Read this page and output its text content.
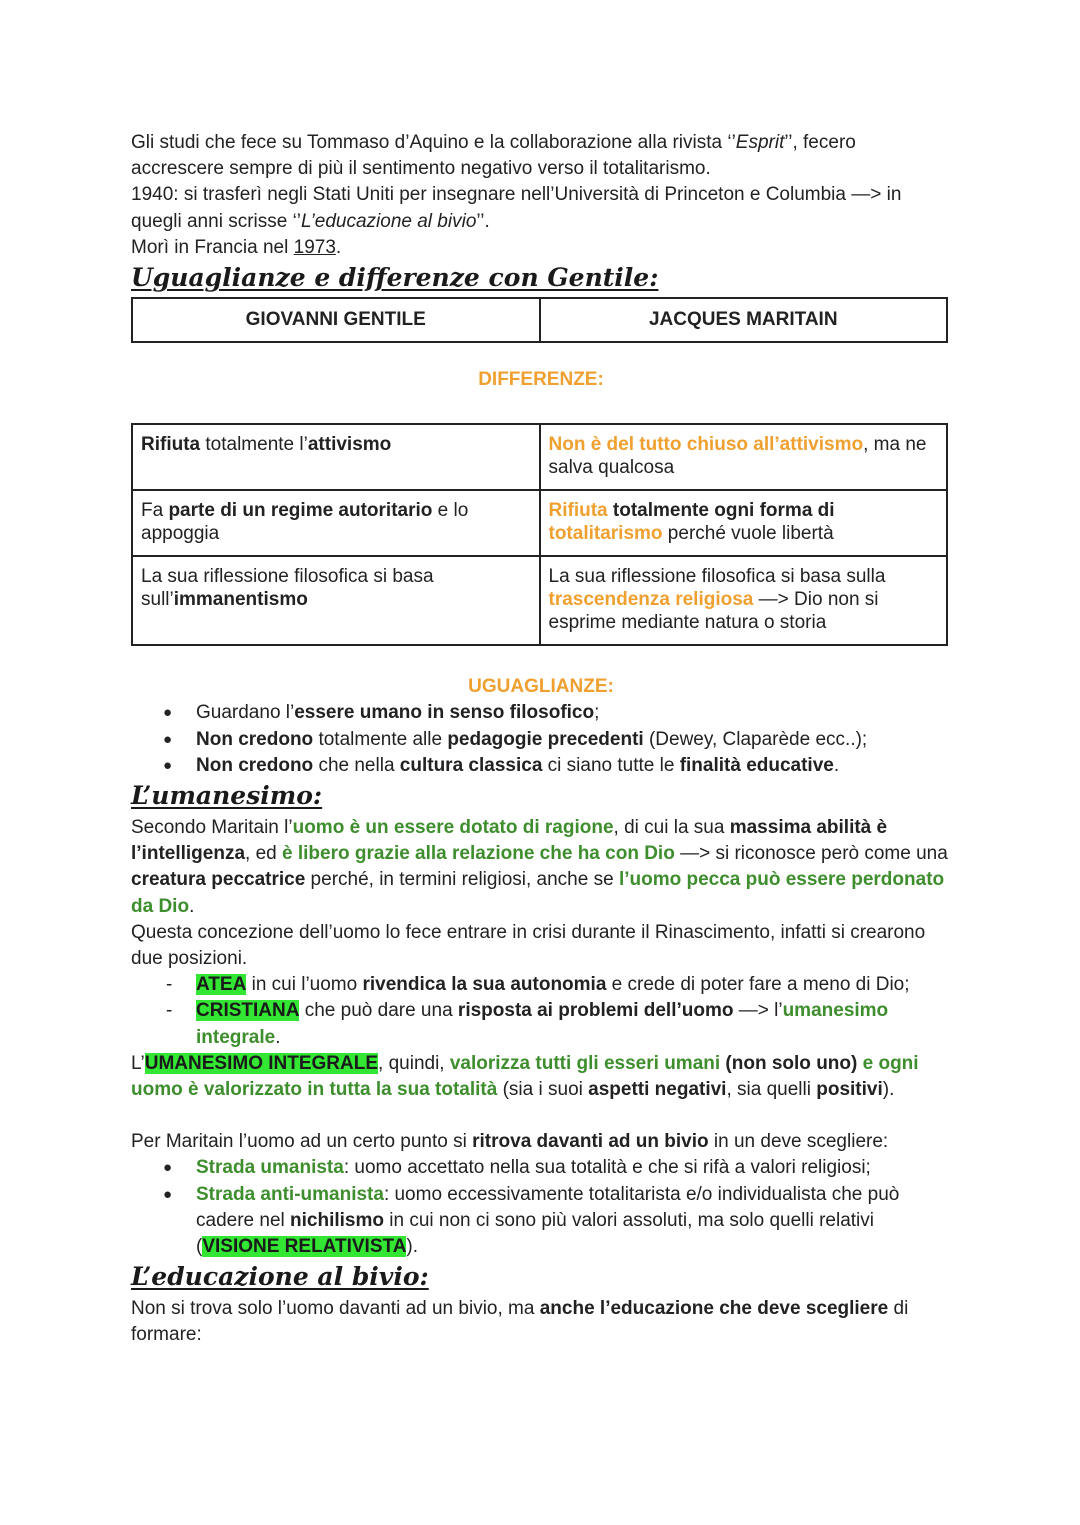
Gli studi che fece su Tommaso d’Aquino e la collaborazione alla rivista ‘’Esprit’’, fecero accrescere sempre di più il sentimento negativo verso il totalitarismo.

1940: si trasferì negli Stati Uniti per insegnare nell’Università di Princeton e Columbia —> in quegli anni scrisse ‘’L’educazione al bivio’’.

Morì in Francia nel 1973.

Uguaglianze e differenze con Gentile:
GIOVANNI GENTILE	JACQUES MARITAIN
DIFFERENZE:
Rifiuta totalmente l’attivismo	Non è del tutto chiuso all’attivismo, ma ne salva qualcosa
Fa parte di un regime autoritario e lo appoggia	Rifiuta totalmente ogni forma di totalitarismo perché vuole libertà
La sua riflessione filosofica si basa sull’immanentismo	La sua riflessione filosofica si basa sulla trascendenza religiosa —> Dio non si esprime mediante natura o storia
UGUAGLIANZE:
● Guardano l’essere umano in senso filosofico;
● Non credono totalmente alle pedagogie precedenti (Dewey, Claparède ecc..);
● Non credono che nella cultura classica ci siano tutte le finalità educative.
L’umanesimo:

Secondo Maritain l’uomo è un essere dotato di ragione, di cui la sua massima abilità è l’intelligenza, ed è libero grazie alla relazione che ha con Dio —> si riconosce però come una creatura peccatrice perché, in termini religiosi, anche se l’uomo pecca può essere perdonato da Dio.

Questa concezione dell’uomo lo fece entrare in crisi durante il Rinascimento, infatti si crearono due posizioni.

- ATEA in cui l’uomo rivendica la sua autonomia e crede di poter fare a meno di Dio;
- CRISTIANA che può dare una risposta ai problemi dell’uomo —> l’umanesimo integrale.

L’UMANESIMO INTEGRALE, quindi, valorizza tutti gli esseri umani (non solo uno) e ogni uomo è valorizzato in tutta la sua totalità (sia i suoi aspetti negativi, sia quelli positivi).

Per Maritain l’uomo ad un certo punto si ritrova davanti ad un bivio in un deve scegliere:

● Strada umanista: uomo accettato nella sua totalità e che si rifà a valori religiosi;
● Strada anti-umanista: uomo eccessivamente totalitarista e/o individualista che può cadere nel nichilismo in cui non ci sono più valori assoluti, ma solo quelli relativi (VISIONE RELATIVISTA).
L’educazione al bivio:

Non si trova solo l’uomo davanti ad un bivio, ma anche l’educazione che deve scegliere di formare:
